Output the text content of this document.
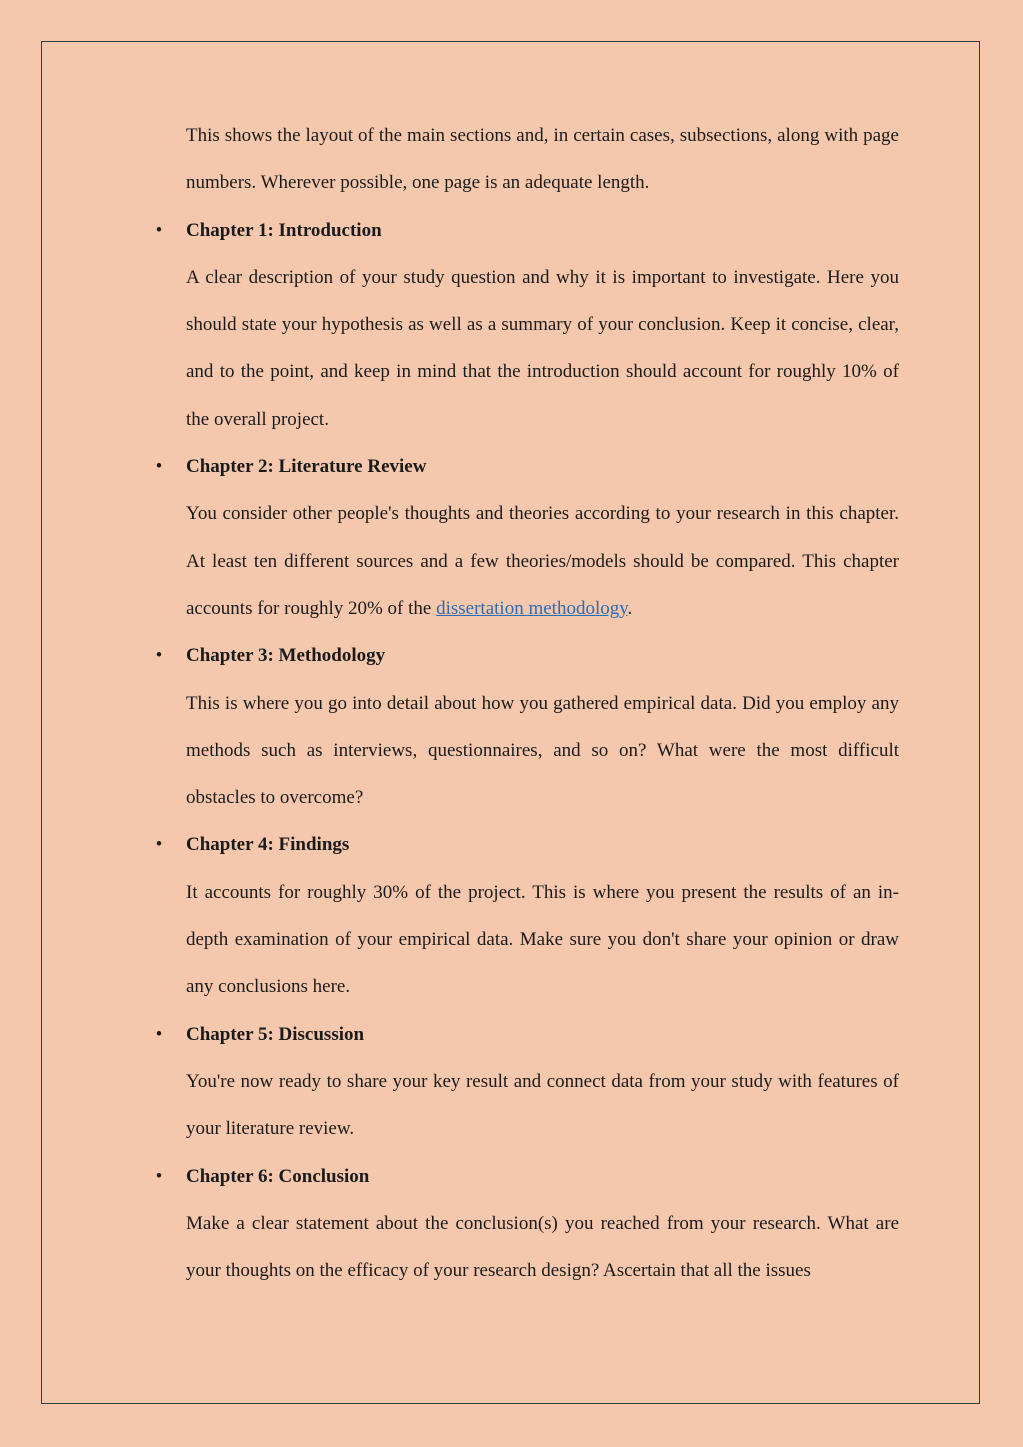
This shows the layout of the main sections and, in certain cases, subsections, along with page numbers. Wherever possible, one page is an adequate length.

• Chapter 1: Introduction

A clear description of your study question and why it is important to investigate. Here you should state your hypothesis as well as a summary of your conclusion. Keep it concise, clear, and to the point, and keep in mind that the introduction should account for roughly 10% of the overall project.

• Chapter 2: Literature Review

You consider other people's thoughts and theories according to your research in this chapter. At least ten different sources and a few theories/models should be compared. This chapter accounts for roughly 20% of the dissertation methodology.

• Chapter 3: Methodology

This is where you go into detail about how you gathered empirical data. Did you employ any methods such as interviews, questionnaires, and so on? What were the most difficult obstacles to overcome?

• Chapter 4: Findings

It accounts for roughly 30% of the project. This is where you present the results of an in-depth examination of your empirical data. Make sure you don't share your opinion or draw any conclusions here.

• Chapter 5: Discussion

You're now ready to share your key result and connect data from your study with features of your literature review.

• Chapter 6: Conclusion

Make a clear statement about the conclusion(s) you reached from your research. What are your thoughts on the efficacy of your research design? Ascertain that all the issues
